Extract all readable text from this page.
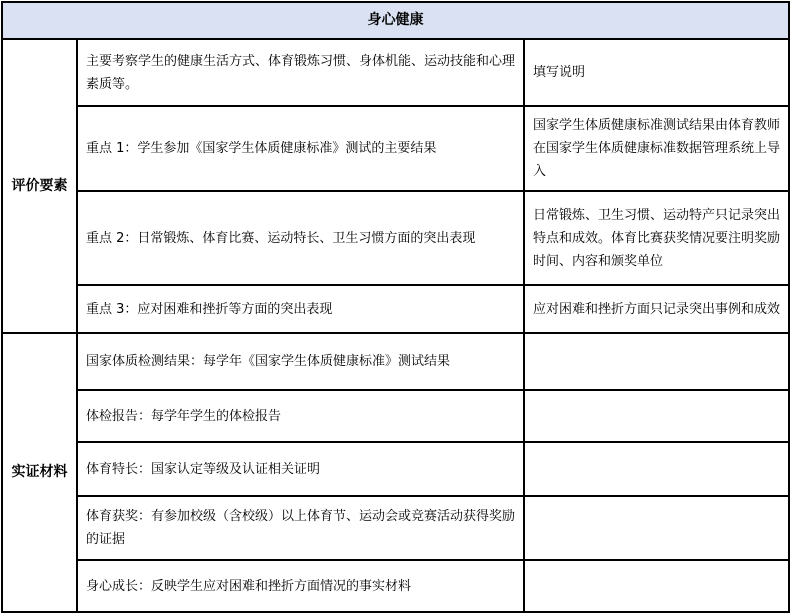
身心健康		
评价要素	主要考察学生的健康生活方式、体育锻炼习惯、身体机能、运动技能和心理素质等。	填写说明
	重点 1：学生参加《国家学生体质健康标准》测试的主要结果	国家学生体质健康标准测试结果由体育教师在国家学生体质健康标准数据管理系统上导入
	重点 2：日常锻炼、体育比赛、运动特长、卫生习惯方面的突出表现	日常锻炼、卫生习惯、运动特产只记录突出特点和成效。体育比赛获奖情况要注明奖励时间、内容和颁奖单位
	重点 3：应对困难和挫折等方面的突出表现	应对困难和挫折方面只记录突出事例和成效
实证材料	国家体质检测结果：每学年《国家学生体质健康标准》测试结果	
	体检报告：每学年学生的体检报告	
	体育特长：国家认定等级及认证相关证明	
	体育获奖：有参加校级（含校级）以上体育节、运动会或竞赛活动获得奖励的证据	
	身心成长：反映学生应对困难和挫折方面情况的事实材料	
